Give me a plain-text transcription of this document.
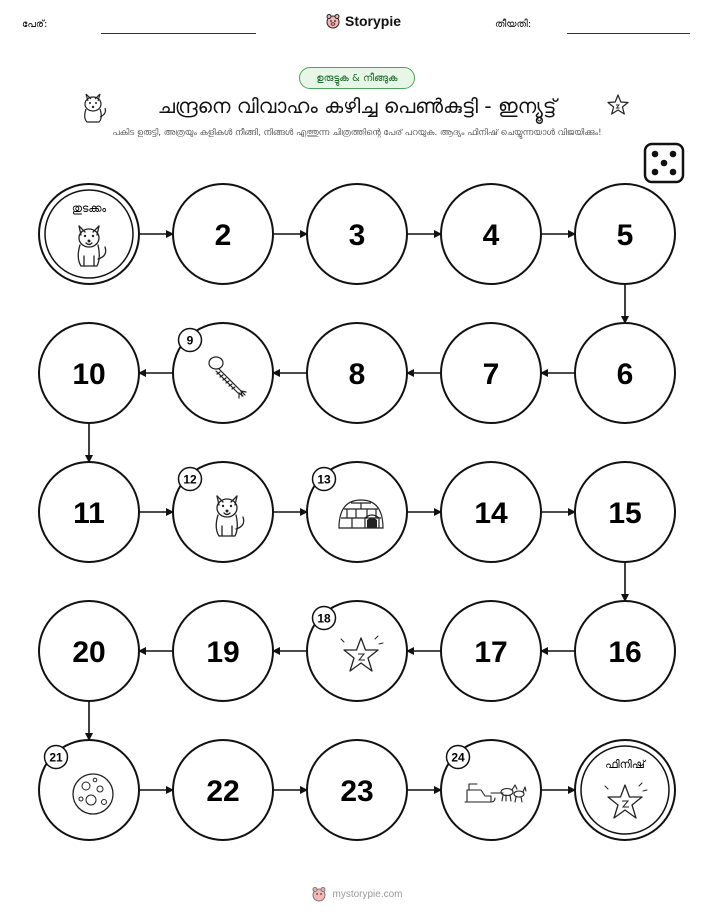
പേര്:	Storypie	തീയതി:
ഉരുട്ടുക & നീങ്ങുക
ചന്ദ്രനെ വിവാഹം കഴിച്ച പെൺകുട്ടി - ഇന്യൂട്ട്
പകിട ഉരുട്ടി, അത്രയും കളികൾ നീങ്ങി, നിങ്ങൾ എത്തുന്ന ചിത്രത്തിന്റെ പേര് പറയുക. ആദ്യം ഫിനിഷ് ചെയ്യുന്നയാൾ വിജയിക്കും!
തുടക്കം
2	3	4	5
10
9
8	7	6
11
12	13
14	15
20	19
18
17	16
21
22	23
24	ഫിനിഷ്
mystorypie.com
